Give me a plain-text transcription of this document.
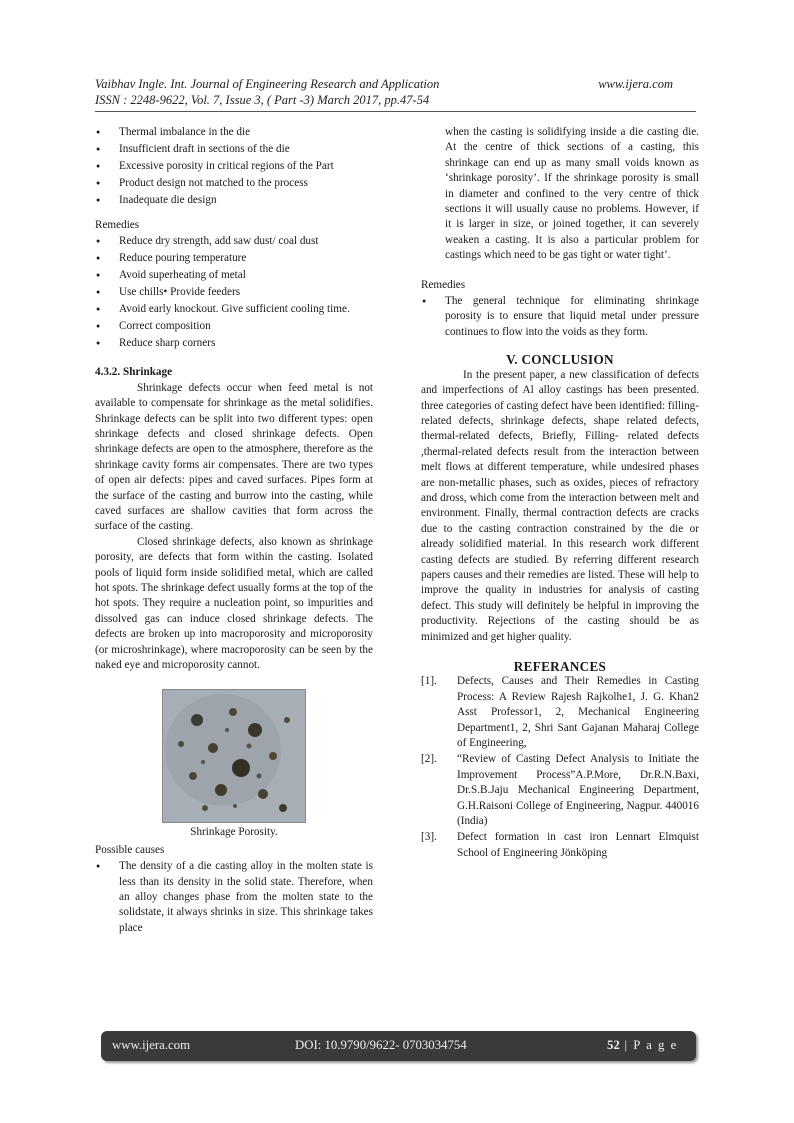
Vaibhav Ingle. Int. Journal of Engineering Research and Application	www.ijera.com
ISSN : 2248-9622, Vol. 7, Issue 3, ( Part -3) March 2017, pp.47-54
● Thermal imbalance in the die
● Insufficient draft in sections of the die
● Excessive porosity in critical regions of the Part
● Product design not matched to the process
● Inadequate die design
Remedies
● Reduce dry strength, add saw dust/ coal dust
● Reduce pouring temperature
● Avoid superheating of metal
● Use chills• Provide feeders
● Avoid early knockout. Give sufficient cooling time.
● Correct composition
● Reduce sharp corners
4.3.2. Shrinkage

Shrinkage defects occur when feed metal is not available to compensate for shrinkage as the metal solidifies. Shrinkage defects can be split into two different types: open shrinkage defects and closed shrinkage defects. Open shrinkage defects are open to the atmosphere, therefore as the shrinkage cavity forms air compensates. There are two types of open air defects: pipes and caved surfaces. Pipes form at the surface of the casting and burrow into the casting, while caved surfaces are shallow cavities that form across the surface of the casting.

Closed shrinkage defects, also known as shrinkage porosity, are defects that form within the casting. Isolated pools of liquid form inside solidified metal, which are called hot spots. The shrinkage defect usually forms at the top of the hot spots. They require a nucleation point, so impurities and dissolved gas can induce closed shrinkage defects. The defects are broken up into macroporosity and microporosity (or microshrinkage), where macroporosity can be seen by the naked eye and microporosity cannot.

Shrinkage Porosity.
Possible causes
● The density of a die casting alloy in the molten state is less than its density in the solid state. Therefore, when an alloy changes phase from the molten state to the solidstate, it always shrinks in size. This shrinkage takes place
when the casting is solidifying inside a die casting die. At the centre of thick sections of a casting, this shrinkage can end up as many small voids known as ‘shrinkage porosity’. If the shrinkage porosity is small in diameter and confined to the very centre of thick sections it will usually cause no problems. However, if it is larger in size, or joined together, it can severely weaken a casting. It is also a particular problem for castings which need to be gas tight or water tight’.
Remedies
● The general technique for eliminating shrinkage porosity is to ensure that liquid metal under pressure continues to flow into the voids as they form.
V. CONCLUSION

In the present paper, a new classification of defects and imperfections of Al alloy castings has been presented. three categories of casting defect have been identified: filling-related defects, shrinkage defects, shape related defects, thermal-related defects, Briefly, Filling- related defects ,thermal-related defects result from the interaction between melt flows at different temperature, while undesired phases are non-metallic phases, such as oxides, pieces of refractory and dross, which come from the interaction between melt and environment. Finally, thermal contraction defects are cracks due to the casting contraction constrained by the die or already solidified material. In this research work different casting defects are studied. By referring different research papers causes and their remedies are listed. These will help to improve the quality in industries for analysis of casting defect. This study will definitely be helpful in improving the productivity. Rejections of the casting should be as minimized and get higher quality.

REFERANCES
[1].	Defects, Causes and Their Remedies in Casting Process: A Review Rajesh Rajkolhe1, J. G. Khan2 Asst Professor1, 2, Mechanical Engineering Department1, 2, Shri Sant Gajanan Maharaj College of Engineering,
[2].	“Review of Casting Defect Analysis to Initiate the Improvement Process”A.P.More, Dr.R.N.Baxi, Dr.S.B.Jaju Mechanical Engineering Department, G.H.Raisoni College of Engineering, Nagpur. 440016 (India)
[3].	Defect formation in cast iron Lennart Elmquist School of Engineering Jönköping
www.ijera.com	DOI: 10.9790/9622- 0703034754	52 | P a g e
